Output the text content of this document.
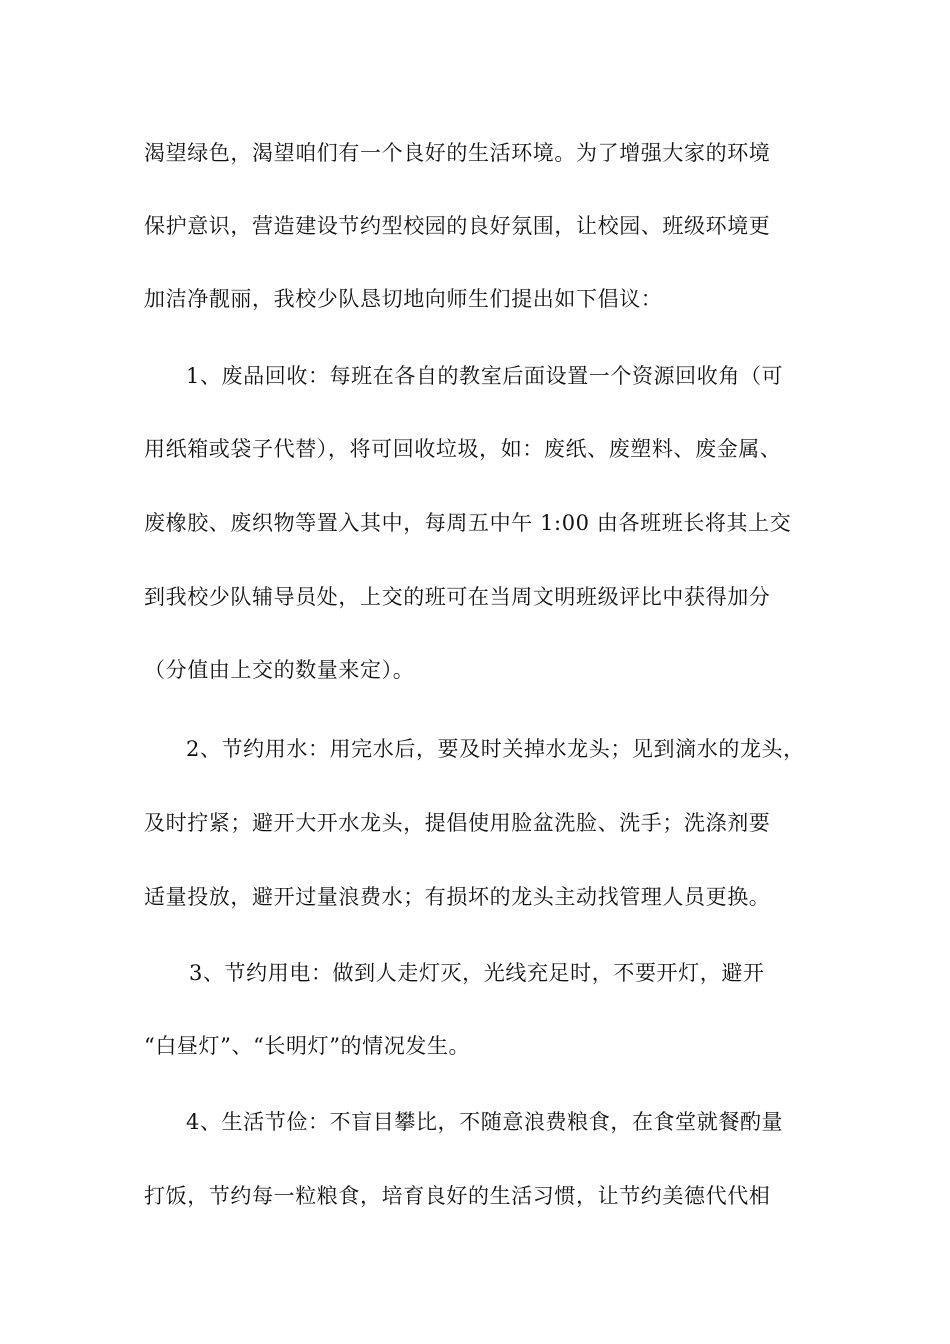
渴望绿色，渴望咱们有一个良好的生活环境。为了增强大家的环境
保护意识，营造建设节约型校园的良好氛围，让校园、班级环境更
加洁净靓丽，我校少队恳切地向师生们提出如下倡议：
1、废品回收：每班在各自的教室后面设置一个资源回收角（可
用纸箱或袋子代替），将可回收垃圾，如：废纸、废塑料、废金属、
废橡胶、废织物等置入其中，每周五中午 1:00 由各班班长将其上交
到我校少队辅导员处，上交的班可在当周文明班级评比中获得加分
（分值由上交的数量来定）。
2、节约用水：用完水后，要及时关掉水龙头；见到滴水的龙头，
及时拧紧；避开大开水龙头，提倡使用脸盆洗脸、洗手；洗涤剂要
适量投放，避开过量浪费水；有损坏的龙头主动找管理人员更换。
3、节约用电：做到人走灯灭，光线充足时，不要开灯，避开
“白昼灯”、“长明灯”的情况发生。
4、生活节俭：不盲目攀比，不随意浪费粮食，在食堂就餐酌量
打饭，节约每一粒粮食，培育良好的生活习惯，让节约美德代代相
